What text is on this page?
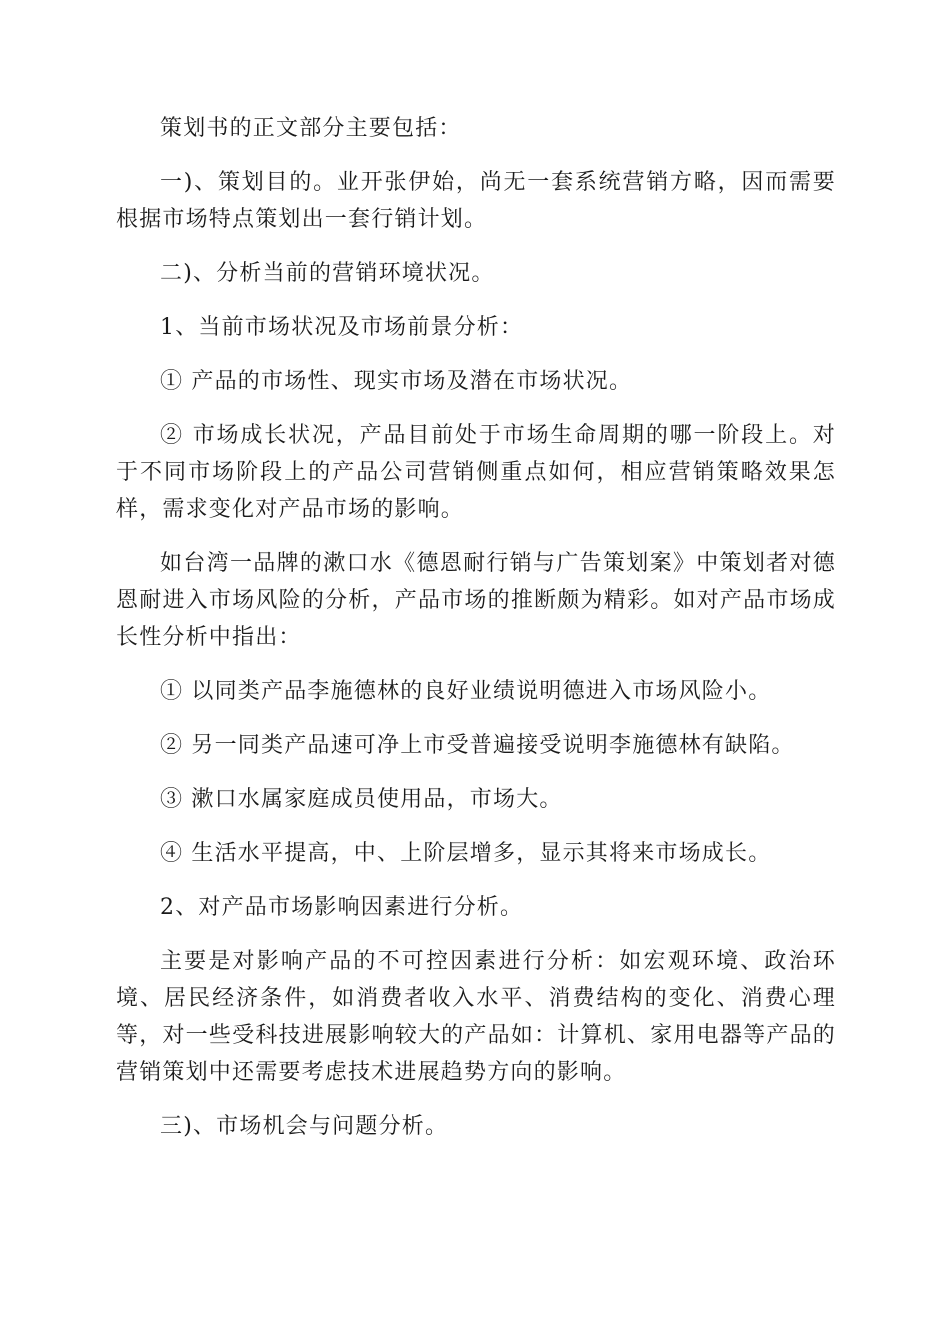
策划书的正文部分主要包括：

一)、策划目的。业开张伊始，尚无一套系统营销方略，因而需要根据市场特点策划出一套行销计划。

二)、分析当前的营销环境状况。

1、当前市场状况及市场前景分析：

① 产品的市场性、现实市场及潜在市场状况。

② 市场成长状况，产品目前处于市场生命周期的哪一阶段上。对于不同市场阶段上的产品公司营销侧重点如何，相应营销策略效果怎样，需求变化对产品市场的影响。

如台湾一品牌的漱口水《德恩耐行销与广告策划案》中策划者对德恩耐进入市场风险的分析，产品市场的推断颇为精彩。如对产品市场成长性分析中指出：

① 以同类产品李施德林的良好业绩说明德进入市场风险小。

② 另一同类产品速可净上市受普遍接受说明李施德林有缺陷。

③ 漱口水属家庭成员使用品，市场大。

④ 生活水平提高，中、上阶层增多，显示其将来市场成长。

2、对产品市场影响因素进行分析。

主要是对影响产品的不可控因素进行分析：如宏观环境、政治环境、居民经济条件，如消费者收入水平、消费结构的变化、消费心理等，对一些受科技进展影响较大的产品如：计算机、家用电器等产品的营销策划中还需要考虑技术进展趋势方向的影响。

三)、市场机会与问题分析。
